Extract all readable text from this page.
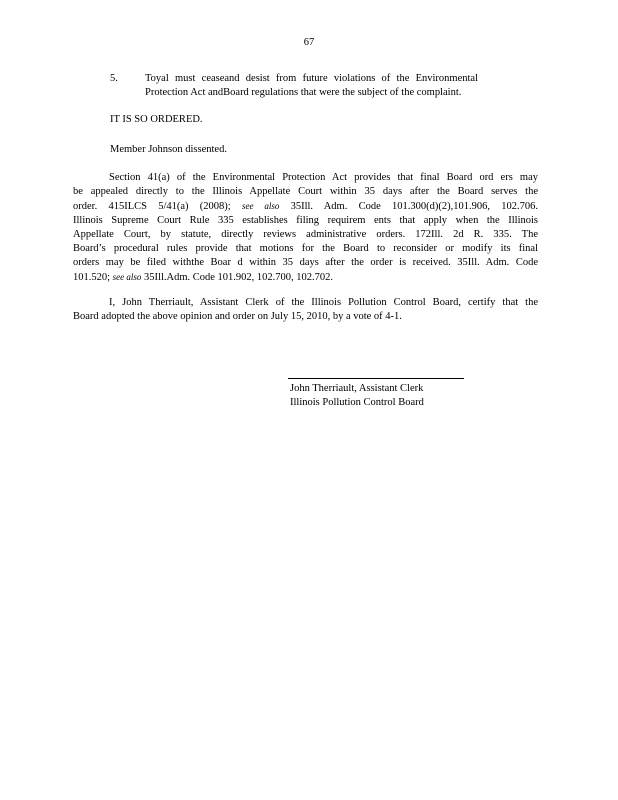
67
5.	Toyal must ceaseand desist from future violations of the Environmental
Protection Act andBoard regulations that were the subject of the complaint.
IT IS SO ORDERED.
Member Johnson dissented.
Section 41(a) of the Environmental Protection Act provides that final Board ord ers may
be appealed directly to the Illinois Appellate Court within 35 days after the Board serves the
order. 415ILCS 5/41(a) (2008); see also 35Ill. Adm. Code 101.300(d)(2),101.906, 102.706.
Illinois Supreme Court Rule 335 establishes filing requirem ents that apply when the Illinois
Appellate Court, by statute, directly reviews administrative orders. 172Ill. 2d R. 335. The
Board’s procedural rules provide that motions for the Board to reconsider or modify its final
orders may be filed withthe Boar d within 35 days after the order is received. 35Ill. Adm. Code
101.520; see also 35Ill.Adm. Code 101.902, 102.700, 102.702.
I, John Therriault, Assistant Clerk of the Illinois Pollution Control Board, certify that the
Board adopted the above opinion and order on July 15, 2010, by a vote of 4-1.
John Therriault, Assistant Clerk
Illinois Pollution Control Board
